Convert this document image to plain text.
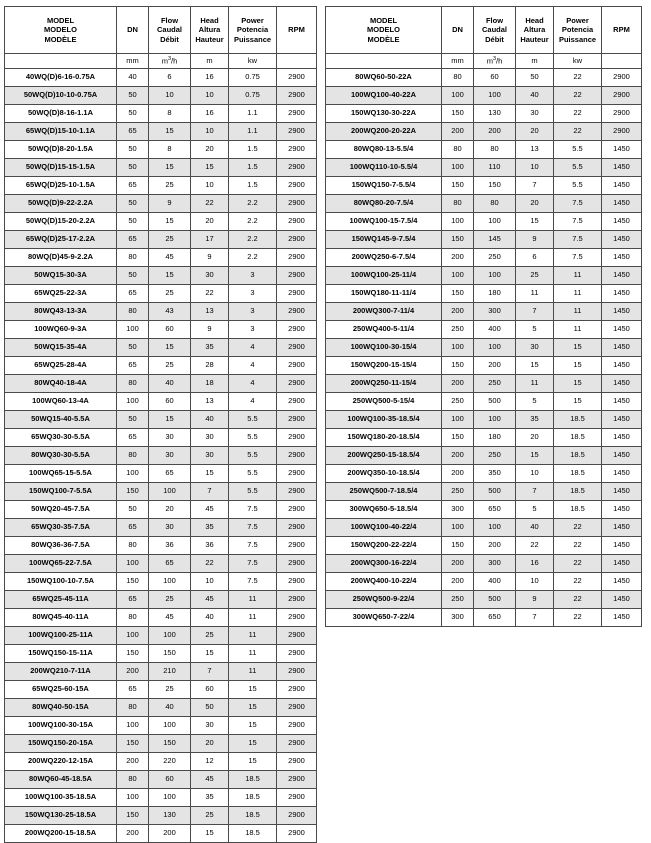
MODEL
MODELO
MODÈLE	DN	Flow
Caudal
Débit	Head
Altura
Hauteur	Power
Potencia
Puissance	RPM

	mm	$m^3/h$	m	kw	
40WQ(D)6-16-0.75A	40	6	16	0.75	2900
50WQ(D)10-10-0.75A	50	10	10	0.75	2900
50WQ(D)8-16-1.1A	50	8	16	1.1	2900
65WQ(D)15-10-1.1A	65	15	10	1.1	2900
50WQ(D)8-20-1.5A	50	8	20	1.5	2900
50WQ(D)15-15-1.5A	50	15	15	1.5	2900
65WQ(D)25-10-1.5A	65	25	10	1.5	2900
50WQ(D)9-22-2.2A	50	9	22	2.2	2900
50WQ(D)15-20-2.2A	50	15	20	2.2	2900
65WQ(D)25-17-2.2A	65	25	17	2.2	2900
80WQ(D)45-9-2.2A	80	45	9	2.2	2900
50WQ15-30-3A	50	15	30	3	2900
65WQ25-22-3A	65	25	22	3	2900
80WQ43-13-3A	80	43	13	3	2900
100WQ60-9-3A	100	60	9	3	2900
50WQ15-35-4A	50	15	35	4	2900
65WQ25-28-4A	65	25	28	4	2900
80WQ40-18-4A	80	40	18	4	2900
100WQ60-13-4A	100	60	13	4	2900
50WQ15-40-5.5A	50	15	40	5.5	2900
65WQ30-30-5.5A	65	30	30	5.5	2900
80WQ30-30-5.5A	80	30	30	5.5	2900
100WQ65-15-5.5A	100	65	15	5.5	2900
150WQ100-7-5.5A	150	100	7	5.5	2900
50WQ20-45-7.5A	50	20	45	7.5	2900
65WQ30-35-7.5A	65	30	35	7.5	2900
80WQ36-36-7.5A	80	36	36	7.5	2900
100WQ65-22-7.5A	100	65	22	7.5	2900
150WQ100-10-7.5A	150	100	10	7.5	2900
65WQ25-45-11A	65	25	45	11	2900
80WQ45-40-11A	80	45	40	11	2900
100WQ100-25-11A	100	100	25	11	2900
150WQ150-15-11A	150	150	15	11	2900
200WQ210-7-11A	200	210	7	11	2900
65WQ25-60-15A	65	25	60	15	2900
80WQ40-50-15A	80	40	50	15	2900
100WQ100-30-15A	100	100	30	15	2900
150WQ150-20-15A	150	150	20	15	2900
200WQ220-12-15A	200	220	12	15	2900
80WQ60-45-18.5A	80	60	45	18.5	2900
100WQ100-35-18.5A	100	100	35	18.5	2900
150WQ130-25-18.5A	150	130	25	18.5	2900
200WQ200-15-18.5A	200	200	15	18.5	2900
MODEL
MODELO
MODÈLE	DN	Flow
Caudal
Débit	Head
Altura
Hauteur	Power
Potencia
Puissance	RPM

	mm	$m^3/h$	m	kw	
80WQ60-50-22A	80	60	50	22	2900
100WQ100-40-22A	100	100	40	22	2900
150WQ130-30-22A	150	130	30	22	2900
200WQ200-20-22A	200	200	20	22	2900
80WQ80-13-5.5/4	80	80	13	5.5	1450
100WQ110-10-5.5/4	100	110	10	5.5	1450
150WQ150-7-5.5/4	150	150	7	5.5	1450
80WQ80-20-7.5/4	80	80	20	7.5	1450
100WQ100-15-7.5/4	100	100	15	7.5	1450
150WQ145-9-7.5/4	150	145	9	7.5	1450
200WQ250-6-7.5/4	200	250	6	7.5	1450
100WQ100-25-11/4	100	100	25	11	1450
150WQ180-11-11/4	150	180	11	11	1450
200WQ300-7-11/4	200	300	7	11	1450
250WQ400-5-11/4	250	400	5	11	1450
100WQ100-30-15/4	100	100	30	15	1450
150WQ200-15-15/4	150	200	15	15	1450
200WQ250-11-15/4	200	250	11	15	1450
250WQ500-5-15/4	250	500	5	15	1450
100WQ100-35-18.5/4	100	100	35	18.5	1450
150WQ180-20-18.5/4	150	180	20	18.5	1450
200WQ250-15-18.5/4	200	250	15	18.5	1450
200WQ350-10-18.5/4	200	350	10	18.5	1450
250WQ500-7-18.5/4	250	500	7	18.5	1450
300WQ650-5-18.5/4	300	650	5	18.5	1450
100WQ100-40-22/4	100	100	40	22	1450
150WQ200-22-22/4	150	200	22	22	1450
200WQ300-16-22/4	200	300	16	22	1450
200WQ400-10-22/4	200	400	10	22	1450
250WQ500-9-22/4	250	500	9	22	1450
300WQ650-7-22/4	300	650	7	22	1450
